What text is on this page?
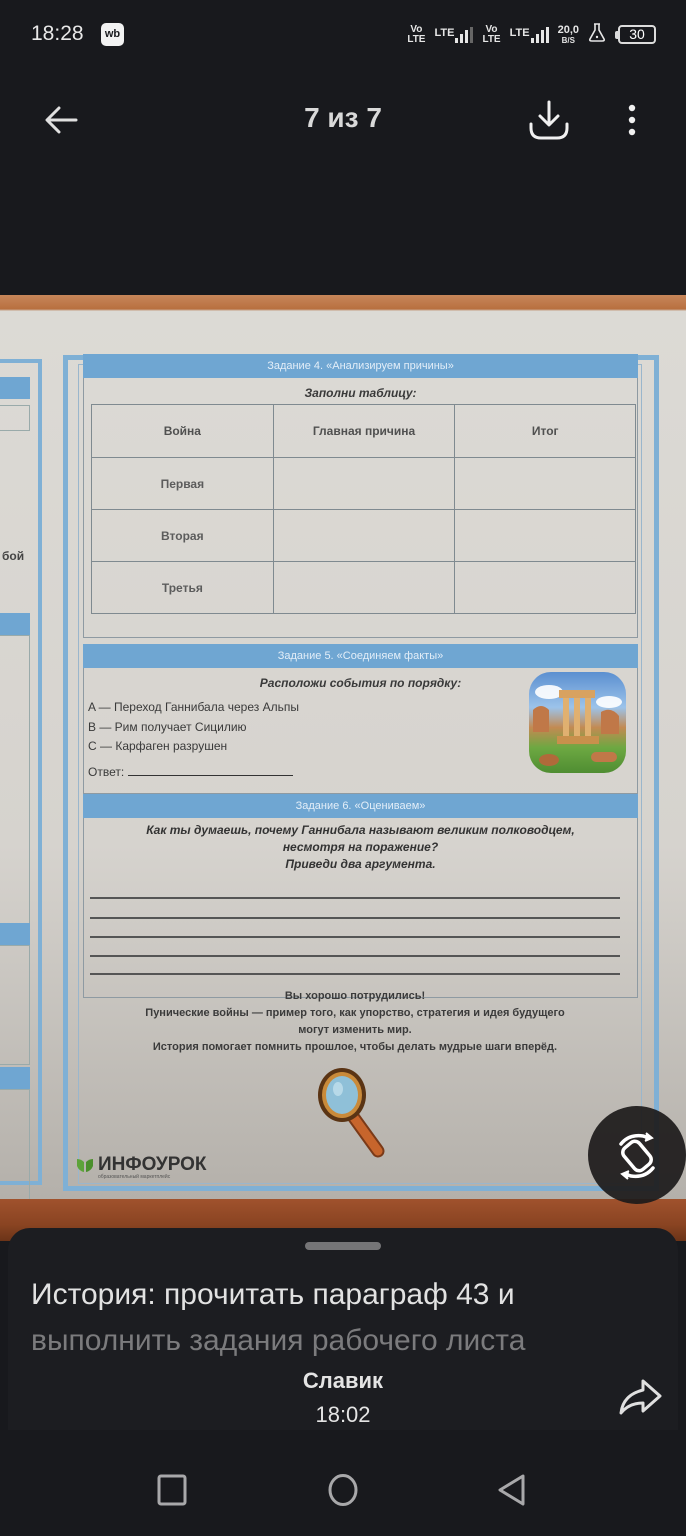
18:28	wb	Vo
LTE
LTE	Vo
LTE
LTE	20,0
B/S	30
7 из 7
бой
Задание 4. «Анализируем причины»
Заполни таблицу:
Война	Главная причина	Итог
Первая		
Вторая		
Третья		
Задание 5. «Соединяем факты»
Расположи события по порядку:
A — Переход Ганнибала через Альпы
B — Рим получает Сицилию
C — Карфаген разрушен
Ответ:
Задание 6. «Оцениваем»
Как ты думаешь, почему Ганнибала называют великим полководцем,
несмотря на поражение?
Приведи два аргумента.
Вы хорошо потрудились!
Пунические войны — пример того, как упорство, стратегия и идея будущего
могут изменить мир.
История помогает помнить прошлое, чтобы делать мудрые шаги вперёд.
ИНФОУРОК
образовательный маркетплейс
История: прочитать параграф 43 и
выполнить задания рабочего листа
Славик
18:02
